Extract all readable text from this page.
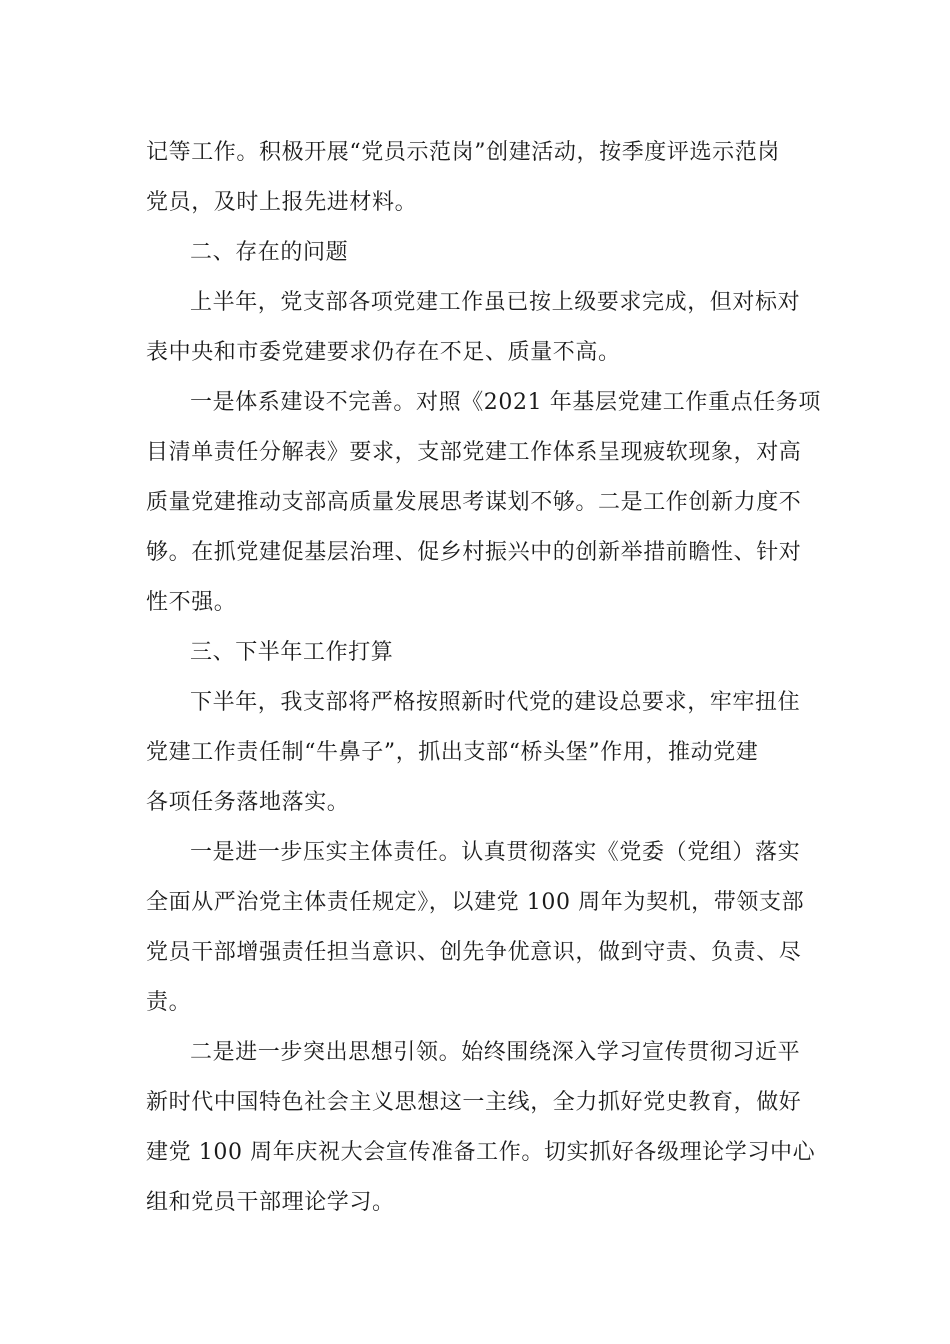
记等工作。积极开展“党员示范岗”创建活动，按季度评选示范岗
党员，及时上报先进材料。
二、存在的问题
上半年，党支部各项党建工作虽已按上级要求完成，但对标对
表中央和市委党建要求仍存在不足、质量不高。
一是体系建设不完善。对照《2021 年基层党建工作重点任务项
目清单责任分解表》要求，支部党建工作体系呈现疲软现象，对高
质量党建推动支部高质量发展思考谋划不够。二是工作创新力度不
够。在抓党建促基层治理、促乡村振兴中的创新举措前瞻性、针对
性不强。
三、下半年工作打算
下半年，我支部将严格按照新时代党的建设总要求，牢牢扭住
党建工作责任制“牛鼻子”，抓出支部“桥头堡”作用，推动党建
各项任务落地落实。
一是进一步压实主体责任。认真贯彻落实《党委（党组）落实
全面从严治党主体责任规定》，以建党 100 周年为契机，带领支部
党员干部增强责任担当意识、创先争优意识，做到守责、负责、尽
责。
二是进一步突出思想引领。始终围绕深入学习宣传贯彻习近平
新时代中国特色社会主义思想这一主线，全力抓好党史教育，做好
建党 100 周年庆祝大会宣传准备工作。切实抓好各级理论学习中心
组和党员干部理论学习。
